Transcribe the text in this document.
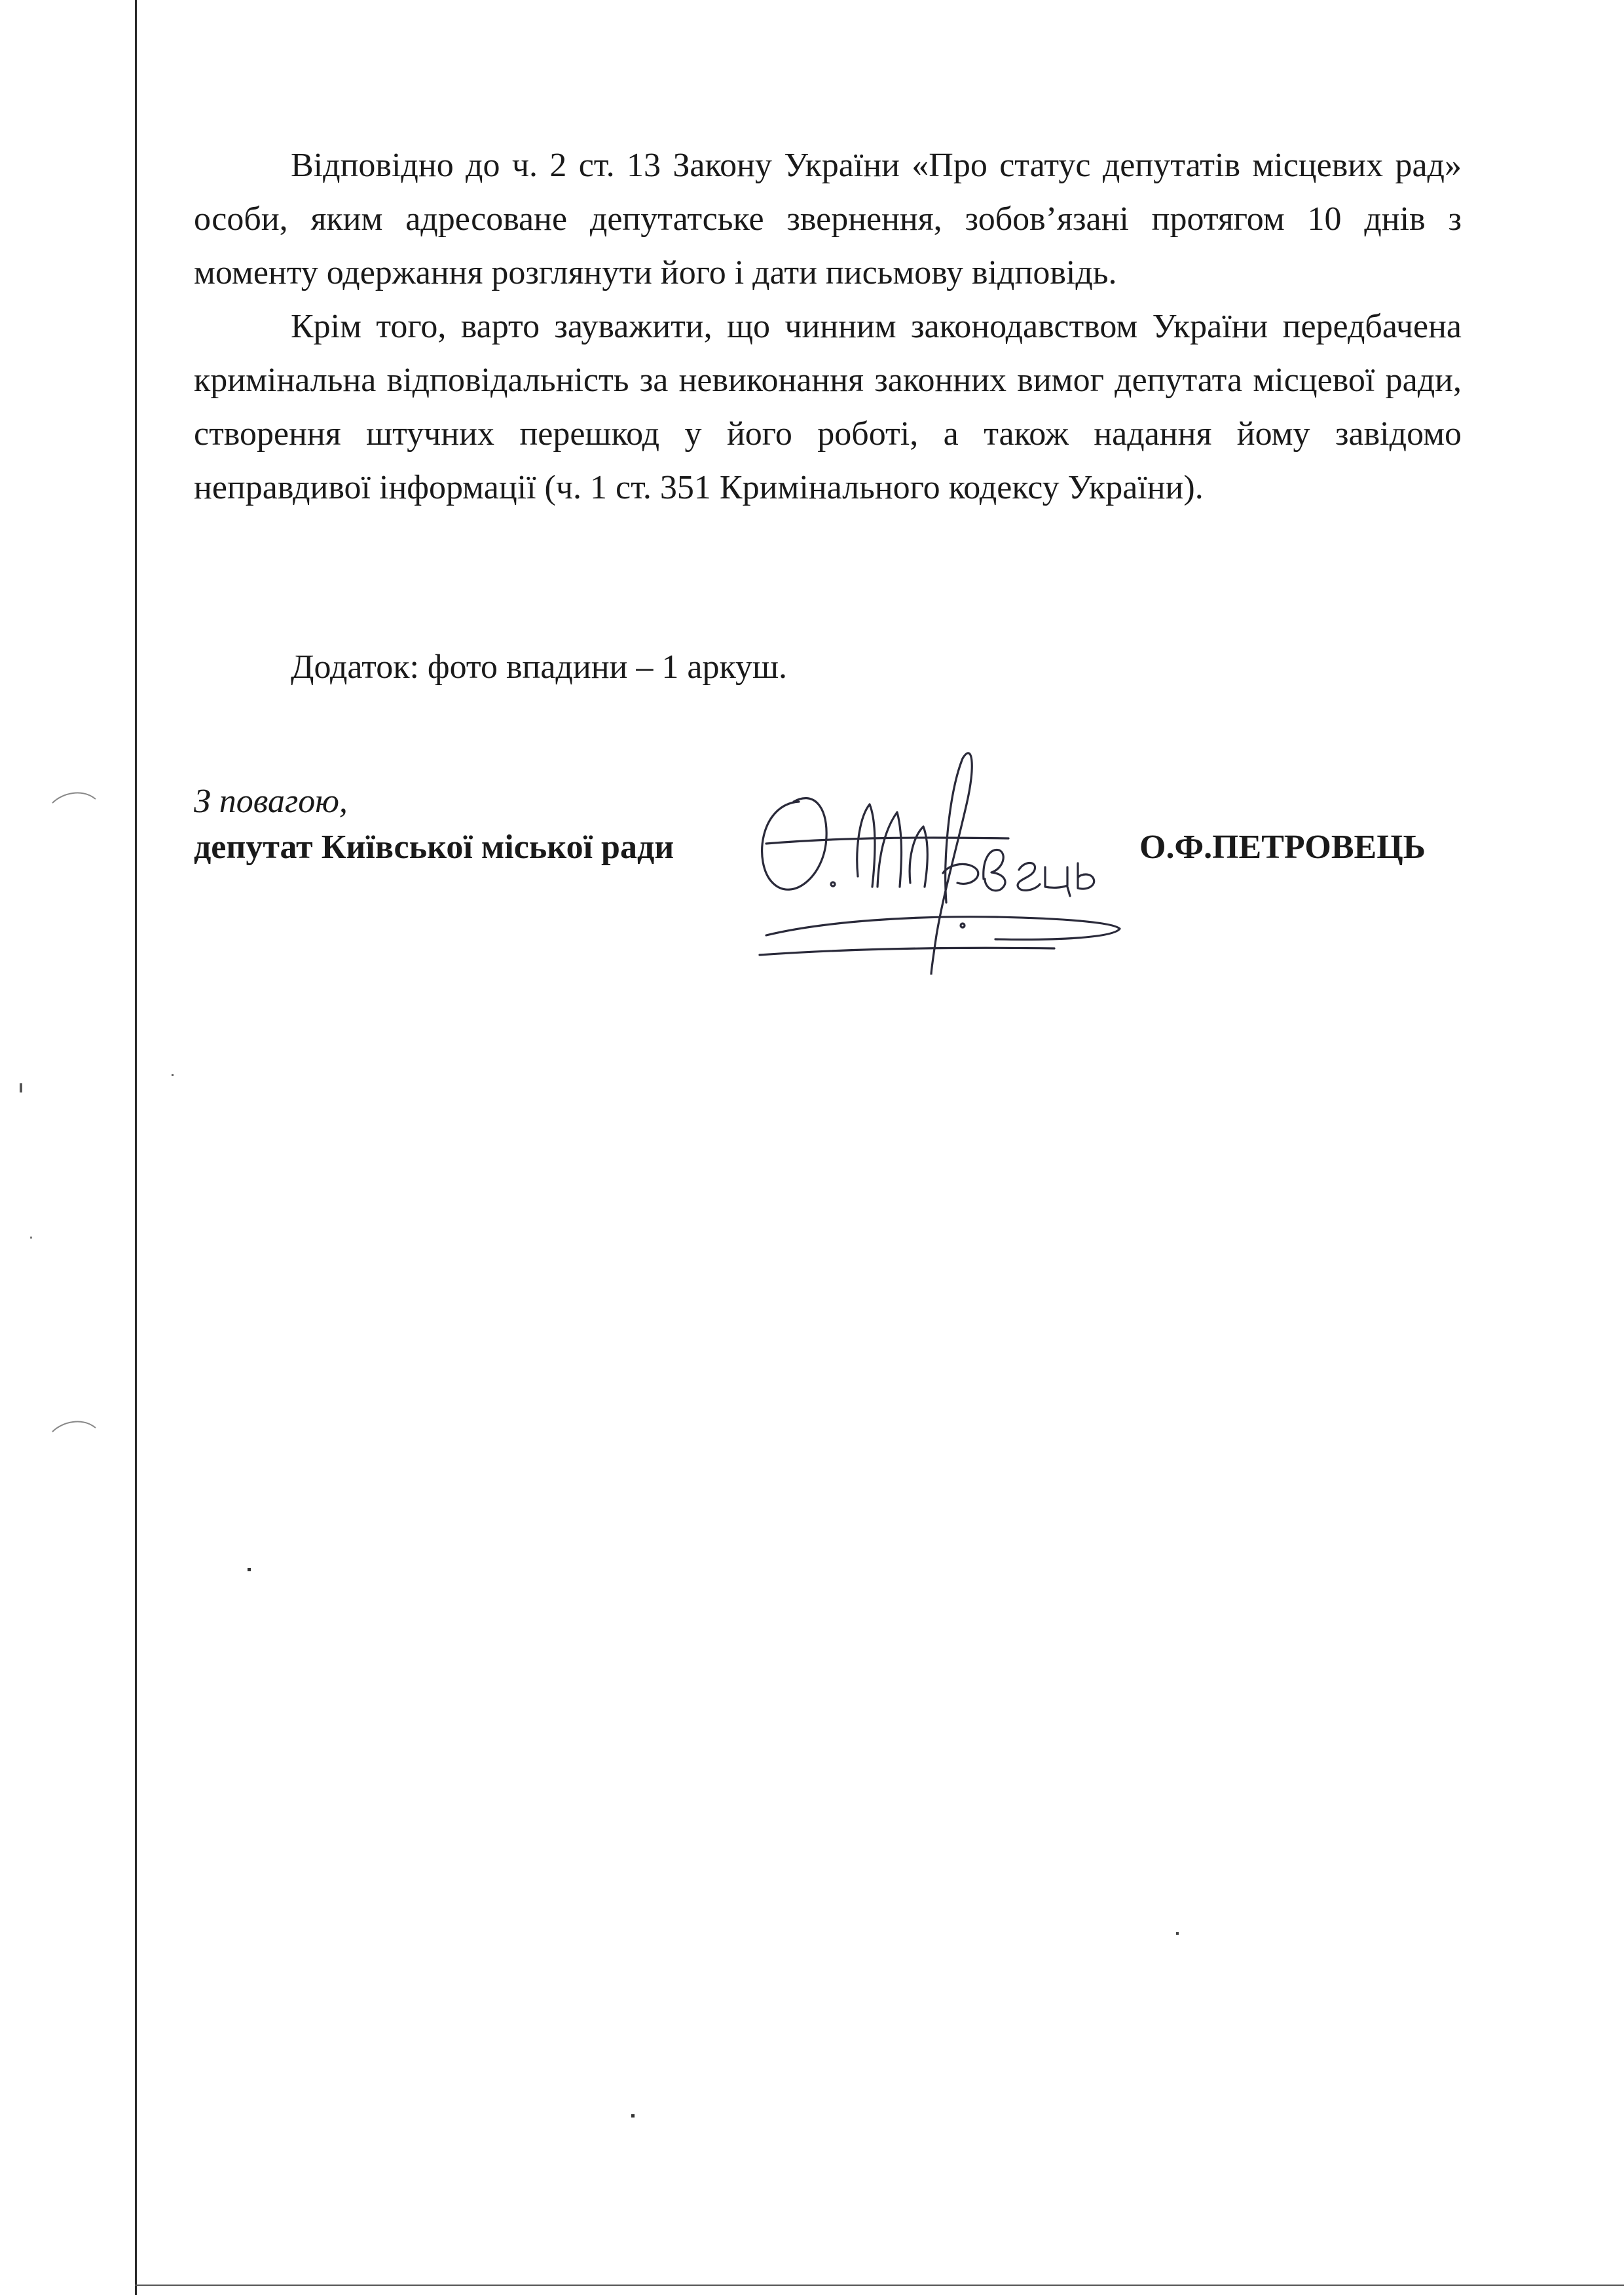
Відповідно до ч. 2 ст. 13 Закону України «Про статус депутатів місцевих рад» особи, яким адресоване депутатське звернення, зобов’язані протягом 10 днів з моменту одержання розглянути його і дати письмову відповідь.

Крім того, варто зауважити, що чинним законодавством України передбачена кримінальна відповідальність за невиконання законних вимог депутата місцевої ради, створення штучних перешкод у його роботі, а також надання йому завідомо неправдивої інформації (ч. 1 ст. 351 Кримінального кодексу України).

Додаток: фото впадини – 1 аркуш.

З повагою,
депутат Київської міської ради	О.Ф.ПЕТРОВЕЦЬ
